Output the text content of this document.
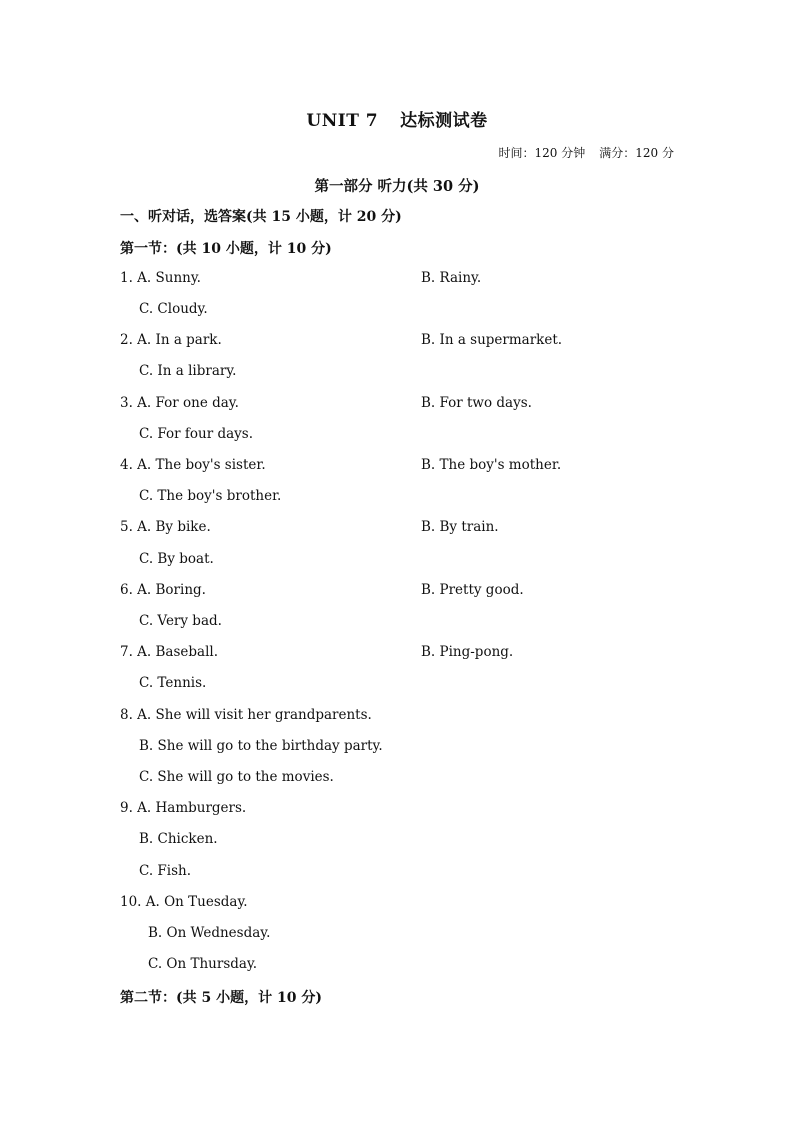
UNIT 7 达标测试卷
时间：120 分钟 满分：120 分
第一部分 听力(共 30 分)
一、听对话，选答案(共 15 小题，计 20 分)
第一节：(共 10 小题，计 10 分)
1. A. Sunny.	B. Rainy.
C. Cloudy.
2. A. In a park.	B. In a supermarket.
C. In a library.
3. A. For one day.	B. For two days.
C. For four days.
4. A. The boy's sister.	B. The boy's mother.
C. The boy's brother.
5. A. By bike.	B. By train.
C. By boat.
6. A. Boring.	B. Pretty good.
C. Very bad.
7. A. Baseball.	B. Ping-pong.
C. Tennis.
8. A. She will visit her grandparents.
B. She will go to the birthday party.
C. She will go to the movies.
9. A. Hamburgers.
B. Chicken.
C. Fish.
10. A. On Tuesday.
B. On Wednesday.
C. On Thursday.
第二节：(共 5 小题，计 10 分)
